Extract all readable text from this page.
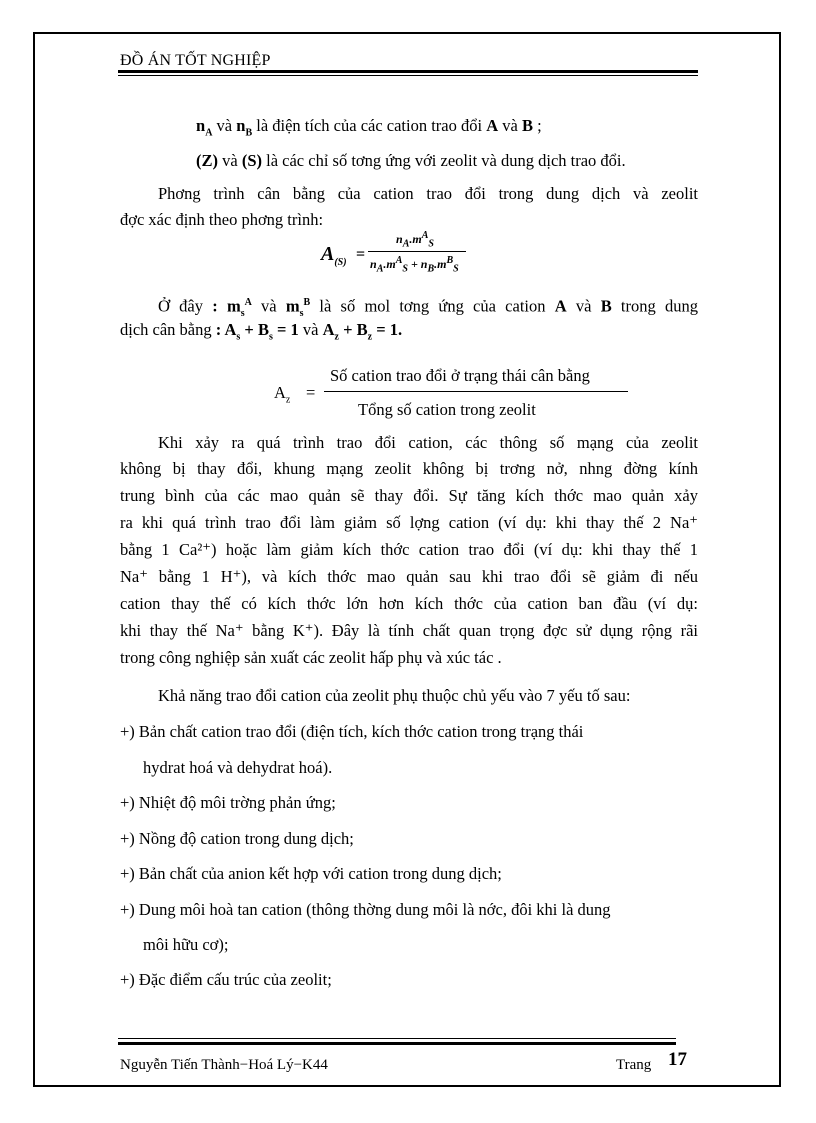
ĐỒ ÁN TỐT NGHIỆP
$n_A$ và $n_B$ là điện tích của các cation trao đổi A và B ;
(Z) và (S) là các chỉ số tơng ứng với zeolit và dung dịch trao đổi.
Phơng trình cân bằng của cation trao đổi trong dung dịch và zeolit
đợc xác định theo phơng trình:
$A_{(S)}$ =
$n_A.m^A_S$
$n_A.m^A_S + n_B.m^B_S$
Ở đây : $m_s^A$ và $m_s^B$ là số mol tơng ứng của cation A và B trong dung
dịch cân bằng : $A_s + B_s = 1$ và $A_z + B_z = 1$.
$A_z$ =
Số cation trao đổi ở trạng thái cân bằng
Tổng số cation trong zeolit
Khi xảy ra quá trình trao đổi cation, các thông số mạng của zeolit
không bị thay đổi, khung mạng zeolit không bị trơng nở, nhng đờng kính
trung bình của các mao quản sẽ thay đổi. Sự tăng kích thớc mao quản xảy
ra khi quá trình trao đổi làm giảm số lợng cation (ví dụ: khi thay thế 2 Na⁺
bằng 1 Ca²⁺) hoặc làm giảm kích thớc cation trao đổi (ví dụ: khi thay thế 1
Na⁺ bằng 1 H⁺), và kích thớc mao quản sau khi trao đổi sẽ giảm đi nếu
cation thay thế có kích thớc lớn hơn kích thớc của cation ban đầu (ví dụ:
khi thay thế Na⁺ bằng K⁺). Đây là tính chất quan trọng đợc sử dụng rộng rãi
trong công nghiệp sản xuất các zeolit hấp phụ và xúc tác .
Khả năng trao đổi cation của zeolit phụ thuộc chủ yếu vào 7 yếu tố sau:
+) Bản chất cation trao đổi (điện tích, kích thớc cation trong trạng thái
hydrat hoá và dehydrat hoá).
+) Nhiệt độ môi trờng phản ứng;
+) Nồng độ cation trong dung dịch;
+) Bản chất của anion kết hợp với cation trong dung dịch;
+) Dung môi hoà tan cation (thông thờng dung môi là nớc, đôi khi là dung
môi hữu cơ);
+) Đặc điểm cấu trúc của zeolit;
Nguyễn Tiến Thành−Hoá Lý−K44	Trang 17
